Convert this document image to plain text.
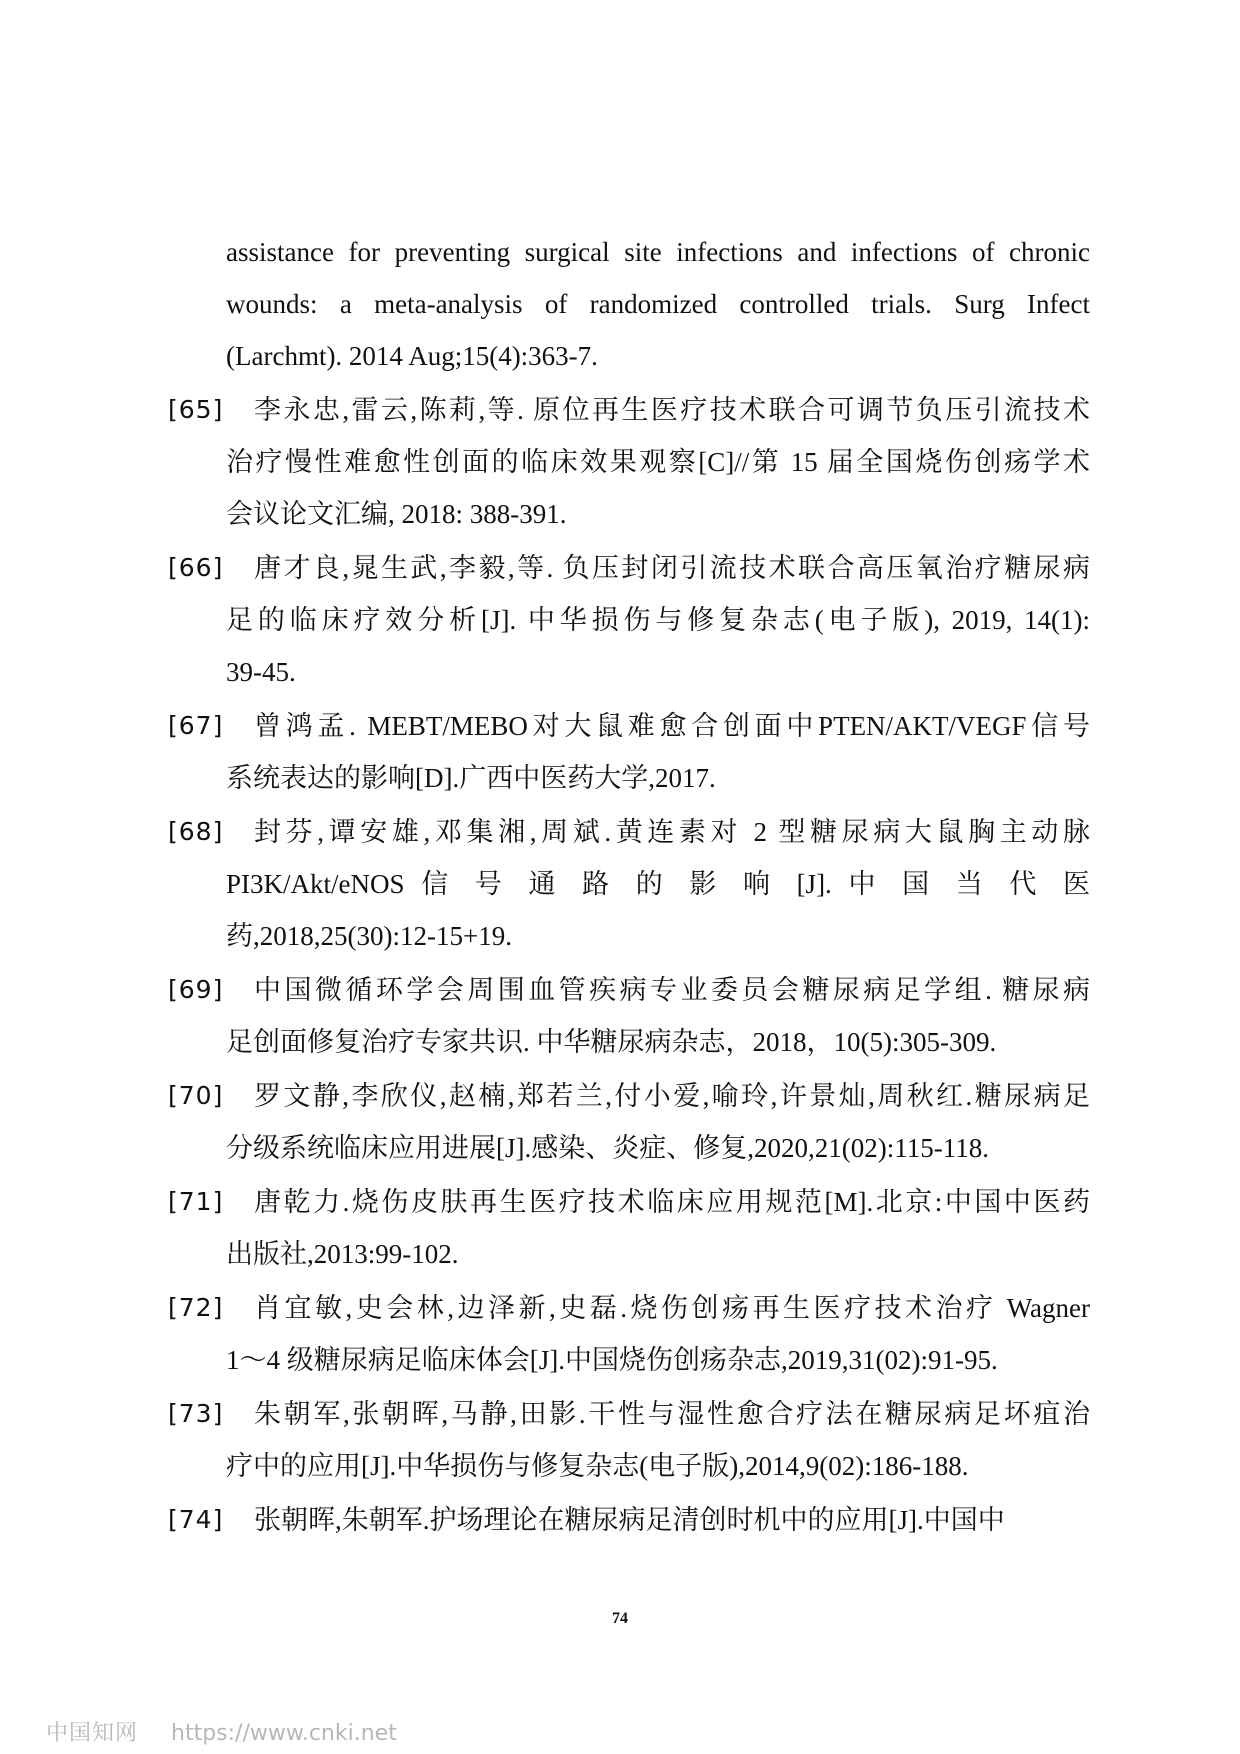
assistance for preventing surgical site infections and infections of chronic
wounds: a meta-analysis of randomized controlled trials. Surg Infect
(Larchmt). 2014 Aug;15(4):363-7.
[65]	李永忠,雷云,陈莉,等. 原位再生医疗技术联合可调节负压引流技术
治疗慢性难愈性创面的临床效果观察[C]//第 15 届全国烧伤创疡学术
会议论文汇编, 2018: 388-391.
[66]	唐才良,晁生武,李毅,等. 负压封闭引流技术联合高压氧治疗糖尿病
足的临床疗效分析[J]. 中华损伤与修复杂志(电子版), 2019, 14(1):
39-45.
[67]	曾鸿孟. MEBT/MEBO对大鼠难愈合创面中PTEN/AKT/VEGF信号
系统表达的影响[D].广西中医药大学,2017.
[68]	封芬,谭安雄,邓集湘,周斌.黄连素对 2 型糖尿病大鼠胸主动脉
PI3K/Akt/eNOS 信 号 通 路 的 影 响 [J]. 中 国 当 代 医
药,2018,25(30):12-15+19.
[69]	中国微循环学会周围血管疾病专业委员会糖尿病足学组. 糖尿病
足创面修复治疗专家共识. 中华糖尿病杂志，2018，10(5):305-309.
[70]	罗文静,李欣仪,赵楠,郑若兰,付小爱,喻玲,许景灿,周秋红.糖尿病足
分级系统临床应用进展[J].感染、炎症、修复,2020,21(02):115-118.
[71]	唐乾力.烧伤皮肤再生医疗技术临床应用规范[M].北京:中国中医药
出版社,2013:99-102.
[72]	肖宜敏,史会林,边泽新,史磊.烧伤创疡再生医疗技术治疗 Wagner
1～4 级糖尿病足临床体会[J].中国烧伤创疡杂志,2019,31(02):91-95.
[73]	朱朝军,张朝晖,马静,田影.干性与湿性愈合疗法在糖尿病足坏疽治
疗中的应用[J].中华损伤与修复杂志(电子版),2014,9(02):186-188.
[74]	张朝晖,朱朝军.护场理论在糖尿病足清创时机中的应用[J].中国中
74
中国知网 https://www.cnki.net
